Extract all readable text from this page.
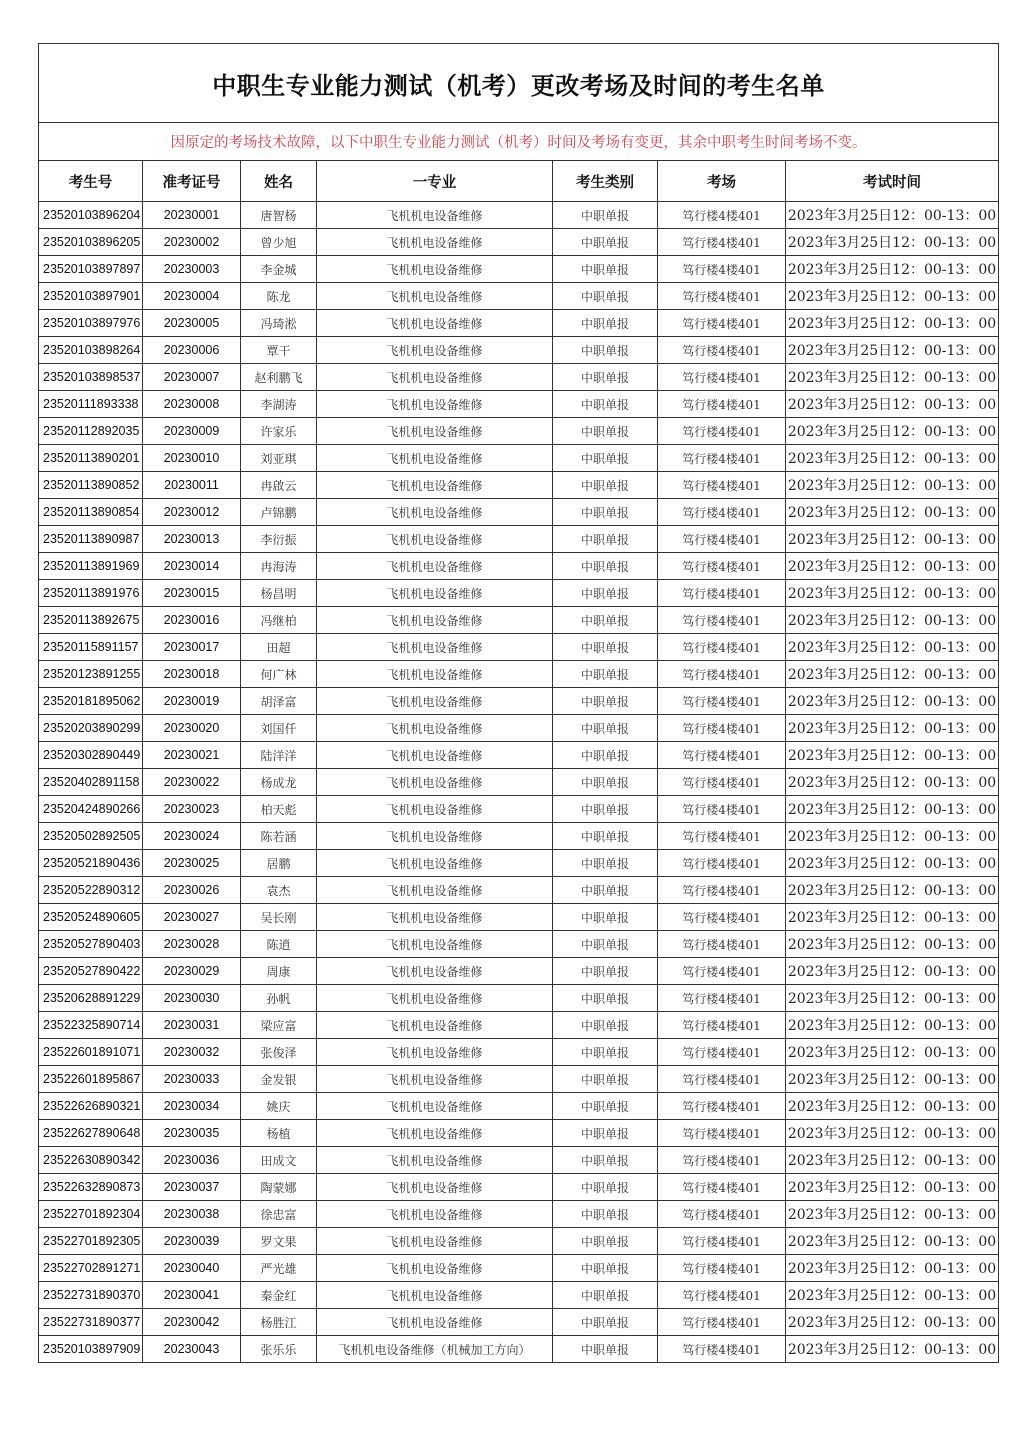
中职生专业能力测试（机考）更改考场及时间的考生名单						
因原定的考场技术故障，以下中职生专业能力测试（机考）时间及考场有变更，其余中职考生时间考场不变。						
考生号	准考证号	姓名	一专业	考生类别	考场	考试时间
23520103896204	20230001	唐智杨	飞机机电设备维修	中职单报	笃行楼4楼401	2023年3月25日12：00-13：00
23520103896205	20230002	曾少旭	飞机机电设备维修	中职单报	笃行楼4楼401	2023年3月25日12：00-13：00
23520103897897	20230003	李金城	飞机机电设备维修	中职单报	笃行楼4楼401	2023年3月25日12：00-13：00
23520103897901	20230004	陈龙	飞机机电设备维修	中职单报	笃行楼4楼401	2023年3月25日12：00-13：00
23520103897976	20230005	冯琦淞	飞机机电设备维修	中职单报	笃行楼4楼401	2023年3月25日12：00-13：00
23520103898264	20230006	覃干	飞机机电设备维修	中职单报	笃行楼4楼401	2023年3月25日12：00-13：00
23520103898537	20230007	赵利鹏飞	飞机机电设备维修	中职单报	笃行楼4楼401	2023年3月25日12：00-13：00
23520111893338	20230008	李湖涛	飞机机电设备维修	中职单报	笃行楼4楼401	2023年3月25日12：00-13：00
23520112892035	20230009	许家乐	飞机机电设备维修	中职单报	笃行楼4楼401	2023年3月25日12：00-13：00
23520113890201	20230010	刘亚琪	飞机机电设备维修	中职单报	笃行楼4楼401	2023年3月25日12：00-13：00
23520113890852	20230011	冉啟云	飞机机电设备维修	中职单报	笃行楼4楼401	2023年3月25日12：00-13：00
23520113890854	20230012	卢锦鹏	飞机机电设备维修	中职单报	笃行楼4楼401	2023年3月25日12：00-13：00
23520113890987	20230013	李衍振	飞机机电设备维修	中职单报	笃行楼4楼401	2023年3月25日12：00-13：00
23520113891969	20230014	冉海涛	飞机机电设备维修	中职单报	笃行楼4楼401	2023年3月25日12：00-13：00
23520113891976	20230015	杨昌明	飞机机电设备维修	中职单报	笃行楼4楼401	2023年3月25日12：00-13：00
23520113892675	20230016	冯继柏	飞机机电设备维修	中职单报	笃行楼4楼401	2023年3月25日12：00-13：00
23520115891157	20230017	田超	飞机机电设备维修	中职单报	笃行楼4楼401	2023年3月25日12：00-13：00
23520123891255	20230018	何广林	飞机机电设备维修	中职单报	笃行楼4楼401	2023年3月25日12：00-13：00
23520181895062	20230019	胡泽富	飞机机电设备维修	中职单报	笃行楼4楼401	2023年3月25日12：00-13：00
23520203890299	20230020	刘国仟	飞机机电设备维修	中职单报	笃行楼4楼401	2023年3月25日12：00-13：00
23520302890449	20230021	陆洋洋	飞机机电设备维修	中职单报	笃行楼4楼401	2023年3月25日12：00-13：00
23520402891158	20230022	杨成龙	飞机机电设备维修	中职单报	笃行楼4楼401	2023年3月25日12：00-13：00
23520424890266	20230023	柏天彪	飞机机电设备维修	中职单报	笃行楼4楼401	2023年3月25日12：00-13：00
23520502892505	20230024	陈若涵	飞机机电设备维修	中职单报	笃行楼4楼401	2023年3月25日12：00-13：00
23520521890436	20230025	居鹏	飞机机电设备维修	中职单报	笃行楼4楼401	2023年3月25日12：00-13：00
23520522890312	20230026	袁杰	飞机机电设备维修	中职单报	笃行楼4楼401	2023年3月25日12：00-13：00
23520524890605	20230027	吴长刚	飞机机电设备维修	中职单报	笃行楼4楼401	2023年3月25日12：00-13：00
23520527890403	20230028	陈逍	飞机机电设备维修	中职单报	笃行楼4楼401	2023年3月25日12：00-13：00
23520527890422	20230029	周康	飞机机电设备维修	中职单报	笃行楼4楼401	2023年3月25日12：00-13：00
23520628891229	20230030	孙帆	飞机机电设备维修	中职单报	笃行楼4楼401	2023年3月25日12：00-13：00
23522325890714	20230031	梁应富	飞机机电设备维修	中职单报	笃行楼4楼401	2023年3月25日12：00-13：00
23522601891071	20230032	张俊泽	飞机机电设备维修	中职单报	笃行楼4楼401	2023年3月25日12：00-13：00
23522601895867	20230033	金发银	飞机机电设备维修	中职单报	笃行楼4楼401	2023年3月25日12：00-13：00
23522626890321	20230034	姚庆	飞机机电设备维修	中职单报	笃行楼4楼401	2023年3月25日12：00-13：00
23522627890648	20230035	杨植	飞机机电设备维修	中职单报	笃行楼4楼401	2023年3月25日12：00-13：00
23522630890342	20230036	田成文	飞机机电设备维修	中职单报	笃行楼4楼401	2023年3月25日12：00-13：00
23522632890873	20230037	陶蒙娜	飞机机电设备维修	中职单报	笃行楼4楼401	2023年3月25日12：00-13：00
23522701892304	20230038	徐忠富	飞机机电设备维修	中职单报	笃行楼4楼401	2023年3月25日12：00-13：00
23522701892305	20230039	罗文果	飞机机电设备维修	中职单报	笃行楼4楼401	2023年3月25日12：00-13：00
23522702891271	20230040	严光雄	飞机机电设备维修	中职单报	笃行楼4楼401	2023年3月25日12：00-13：00
23522731890370	20230041	秦金红	飞机机电设备维修	中职单报	笃行楼4楼401	2023年3月25日12：00-13：00
23522731890377	20230042	杨胜江	飞机机电设备维修	中职单报	笃行楼4楼401	2023年3月25日12：00-13：00
23520103897909	20230043	张乐乐	飞机机电设备维修（机械加工方向）	中职单报	笃行楼4楼401	2023年3月25日12：00-13：00
